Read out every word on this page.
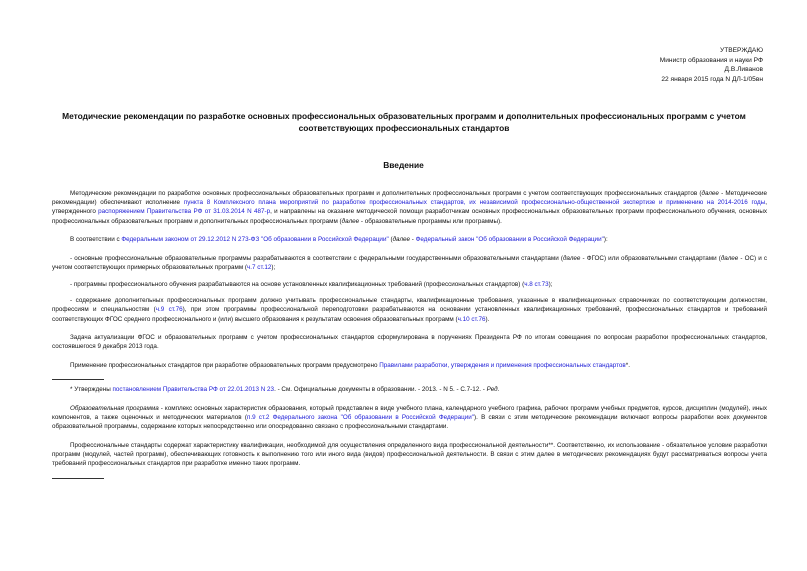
УТВЕРЖДАЮ
Министр образования и науки РФ
Д.В.Ливанов
22 января 2015 года N ДЛ-1/05вн
Методические рекомендации по разработке основных профессиональных образовательных программ и дополнительных профессиональных программ с учетом соответствующих профессиональных стандартов
Введение

Методические рекомендации по разработке основных профессиональных образовательных программ и дополнительных профессиональных программ с учетом соответствующих профессиональных стандартов (далее - Методические рекомендации) обеспечивают исполнение пункта 8 Комплексного плана мероприятий по разработке профессиональных стандартов, их независимой профессионально-общественной экспертизе и применению на 2014-2016 годы, утвержденного распоряжением Правительства РФ от 31.03.2014 N 487-р, и направлены на оказание методической помощи разработчикам основных профессиональных образовательных программ профессионального обучения, основных профессиональных образовательных программ и дополнительных профессиональных программ (далее - образовательные программы или программы).

В соответствии с Федеральным законом от 29.12.2012 N 273-ФЗ "Об образовании в Российской Федерации" (далее - Федеральный закон "Об образовании в Российской Федерации"):

- основные профессиональные образовательные программы разрабатываются в соответствии с федеральными государственными образовательными стандартами (далее - ФГОС) или образовательными стандартами (далее - ОС) и с учетом соответствующих примерных образовательных программ (ч.7 ст.12);

- программы профессионального обучения разрабатываются на основе установленных квалификационных требований (профессиональных стандартов) (ч.8 ст.73);

- содержание дополнительных профессиональных программ должно учитывать профессиональные стандарты, квалификационные требования, указанные в квалификационных справочниках по соответствующим должностям, профессиям и специальностям (ч.9 ст.76), при этом программы профессиональной переподготовки разрабатываются на основании установленных квалификационных требований, профессиональных стандартов и требований соответствующих ФГОС среднего профессионального и (или) высшего образования к результатам освоения образовательных программ (ч.10 ст.76).

Задача актуализации ФГОС и образовательных программ с учетом профессиональных стандартов сформулирована в поручениях Президента РФ по итогам совещания по вопросам разработки профессиональных стандартов, состоявшегося 9 декабря 2013 года.

Применение профессиональных стандартов при разработке образовательных программ предусмотрено Правилами разработки, утверждения и применения профессиональных стандартов*.

* Утверждены постановлением Правительства РФ от 22.01.2013 N 23. - См. Официальные документы в образовании. - 2013. - N 5. - С.7-12. - Ред.

Образовательная программа - комплекс основных характеристик образования, который представлен в виде учебного плана, календарного учебного графика, рабочих программ учебных предметов, курсов, дисциплин (модулей), иных компонентов, а также оценочных и методических материалов (п.9 ст.2 Федерального закона "Об образовании в Российской Федерации"). В связи с этим методические рекомендации включают вопросы разработки всех документов образовательной программы, содержание которых непосредственно или опосредованно связано с профессиональными стандартами.

Профессиональные стандарты содержат характеристику квалификации, необходимой для осуществления определенного вида профессиональной деятельности**. Соответственно, их использование - обязательное условие разработки программ (модулей, частей программ), обеспечивающих готовность к выполнению того или иного вида (видов) профессиональной деятельности. В связи с этим далее в методических рекомендациях будут рассматриваться вопросы учета требований профессиональных стандартов при разработке именно таких программ.
